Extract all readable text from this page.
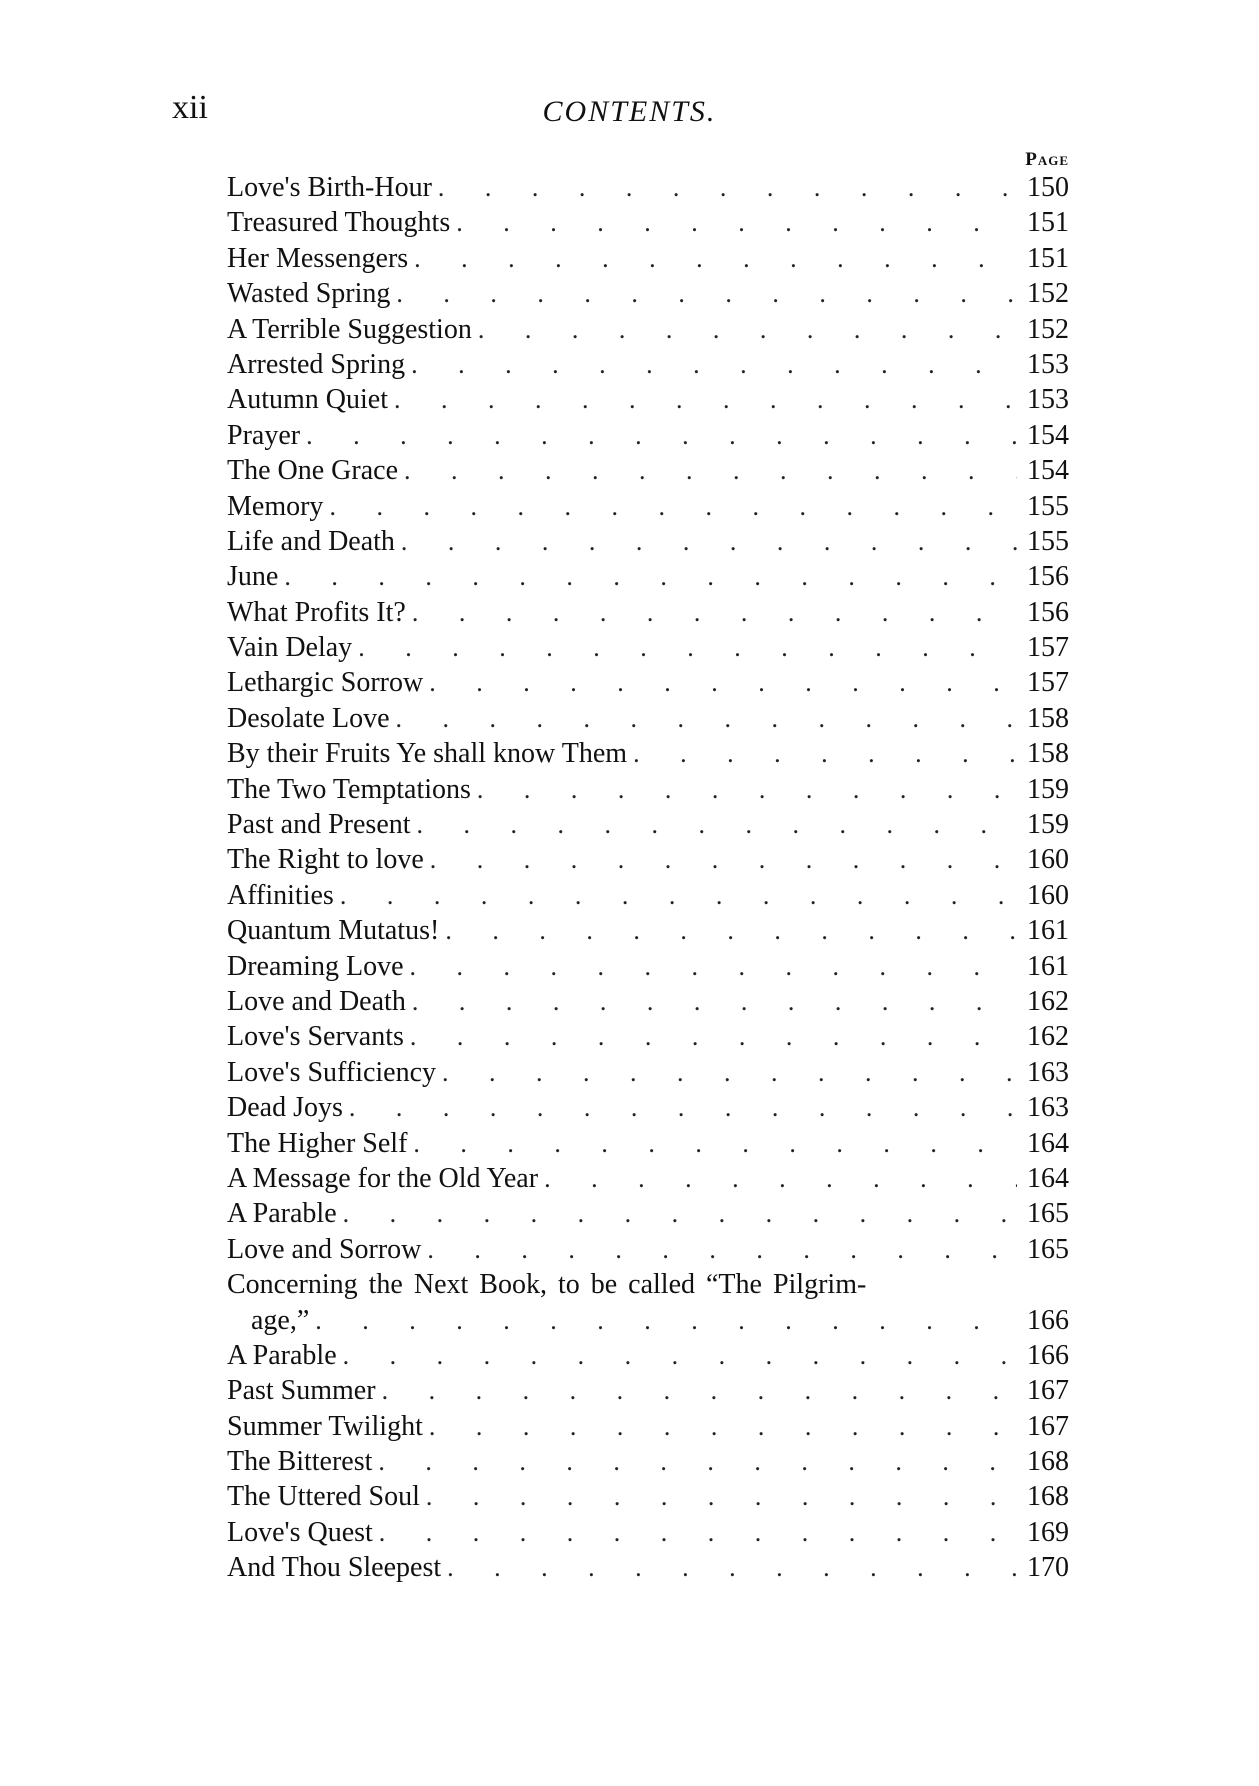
xii	CONTENTS.
Page
Love's Birth-Hour . . .	150
Treasured Thoughts . . .	151
Her Messengers . . .	151
Wasted Spring . . .	152
A Terrible Suggestion . . .	152
Arrested Spring . . .	153
Autumn Quiet . . .	153
Prayer . . .	154
The One Grace . . .	154
Memory . . .	155
Life and Death . . .	155
June . . .	156
What Profits It? . . .	156
Vain Delay . . .	157
Lethargic Sorrow . . .	157
Desolate Love . . .	158
By their Fruits Ye shall know Them . . .	158
The Two Temptations . . .	159
Past and Present . . .	159
The Right to love . . .	160
Affinities . . .	160
Quantum Mutatus! . . .	161
Dreaming Love . . .	161
Love and Death . . .	162
Love's Servants . . .	162
Love's Sufficiency . . .	163
Dead Joys . . .	163
The Higher Self . . .	164
A Message for the Old Year . . .	164
A Parable . . .	165
Love and Sorrow . . .	165
Concerning the Next Book, to be called “The Pilgrim-
age,” . . .	166
A Parable . . .	166
Past Summer . . .	167
Summer Twilight . . .	167
The Bitterest . . .	168
The Uttered Soul . . .	168
Love's Quest . . .	169
And Thou Sleepest . . .	170
